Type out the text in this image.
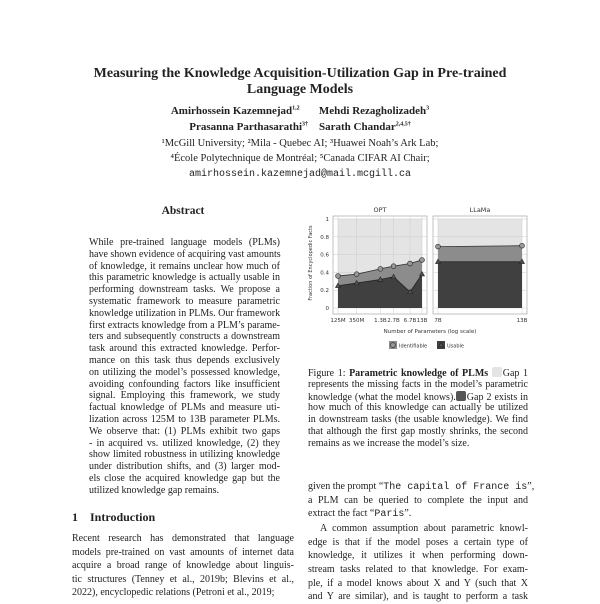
Measuring the Knowledge Acquisition-Utilization Gap in Pre-trained
Language Models
Amirhossein Kazemnejad$^{1,2}$ Mehdi Rezagholizadeh$^3$
Prasanna Parthasarathi$^{3\dagger}$ Sarath Chandar$^{2,4,5\dagger}$
¹McGill University; ²Mila - Quebec AI; ³Huawei Noah’s Ark Lab;
⁴École Polytechnique de Montréal; ⁵Canada CIFAR AI Chair;
amirhossein.kazemnejad@mail.mcgill.ca
Abstract
While pre-trained language models (PLMs)
have shown evidence of acquiring vast amounts
of knowledge, it remains unclear how much of
this parametric knowledge is actually usable in
performing downstream tasks. We propose a
systematic framework to measure parametric
knowledge utilization in PLMs. Our framework
first extracts knowledge from a PLM’s parame-
ters and subsequently constructs a downstream
task around this extracted knowledge. Perfor-
mance on this task thus depends exclusively
on utilizing the model’s possessed knowledge,
avoiding confounding factors like insufficient
signal. Employing this framework, we study
factual knowledge of PLMs and measure uti-
lization across 125M to 13B parameter PLMs.
We observe that: (1) PLMs exhibit two gaps
- in acquired vs. utilized knowledge, (2) they
show limited robustness in utilizing knowledge
under distribution shifts, and (3) larger mod-
els close the acquired knowledge gap but the
utilized knowledge gap remains.
1 Introduction
Recent research has demonstrated that language
models pre-trained on vast amounts of internet data
acquire a broad range of knowledge about linguis-
tic structures (Tenney et al., 2019b; Blevins et al.,
2022), encyclopedic relations (Petroni et al., 2019;
0
0.2
0.4
0.6
0.8
1
125M 350M 1.3B 2.7B 6.7B 13B
OPT
7B	13B
LLaMa
Fraction of Encyclopedic Facts
Number of Parameters (log scale)
Identifiable	Usable
Figure 1: Parametric knowledge of PLMs Gap 1
represents the missing facts in the model’s parametric
knowledge (what the model knows). Gap 2 exists in
how much of this knowledge can actually be utilized
in downstream tasks (the usable knowledge). We find
that although the first gap mostly shrinks, the second
remains as we increase the model’s size.
given the prompt “The capital of France is”,
a PLM can be queried to complete the input and
extract the fact “Paris”.
A common assumption about parametric knowl-
edge is that if the model poses a certain type of
knowledge, it utilizes it when performing down-
stream tasks related to that knowledge. For exam-
ple, if a model knows about X and Y (such that X
and Y are similar), and is taught to perform a task
